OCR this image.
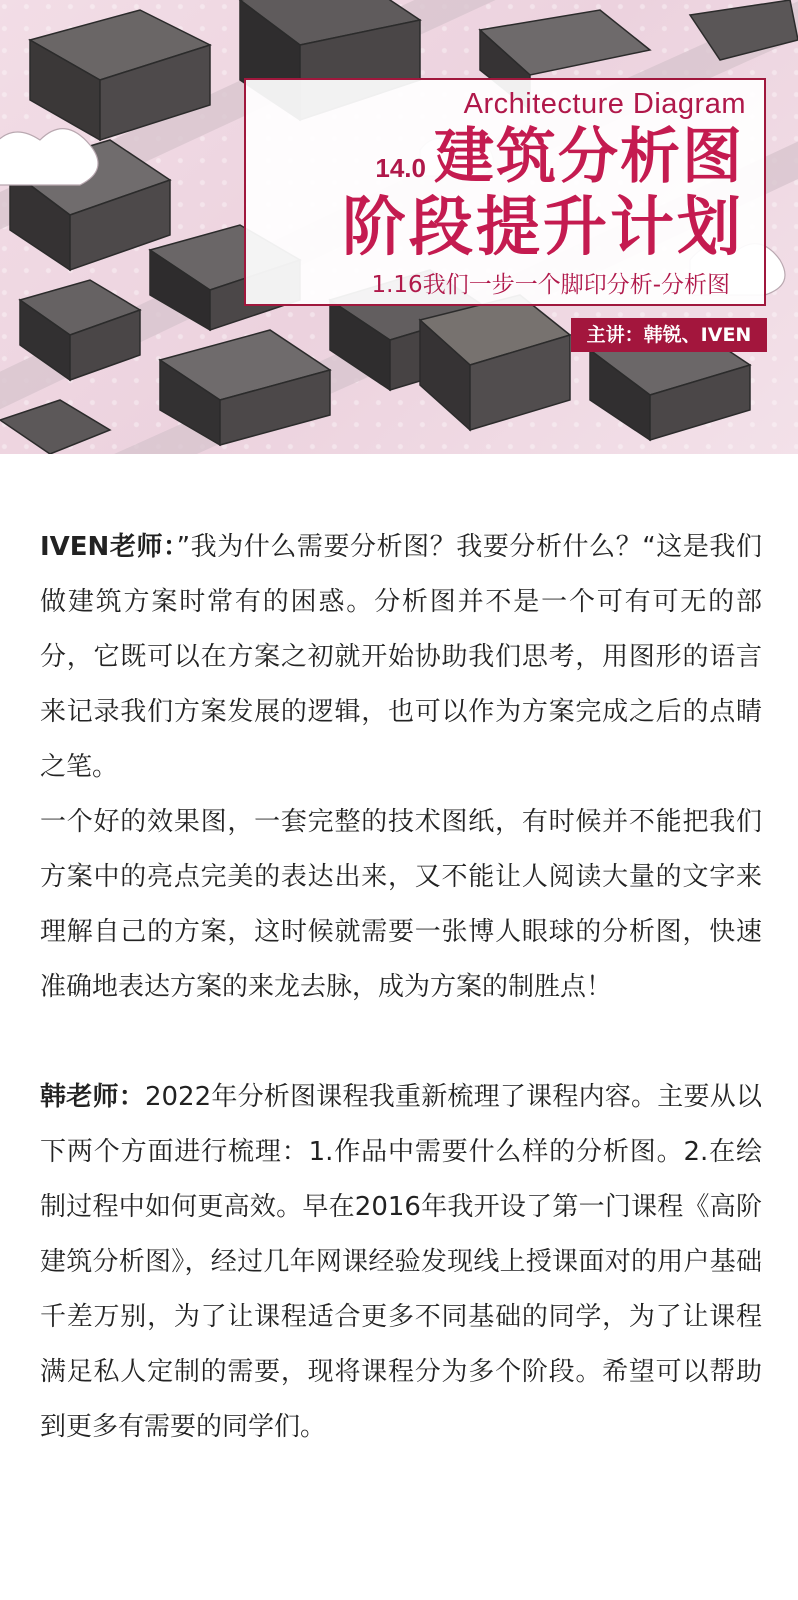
Architecture Diagram
14.0 建筑分析图
阶段提升计划
1.16我们一步一个脚印分析-分析图
主讲：韩锐、IVEN

IVEN老师：”我为什么需要分析图？我要分析什么？“这是我们做建筑方案时常有的困惑。分析图并不是一个可有可无的部分，它既可以在方案之初就开始协助我们思考，用图形的语言来记录我们方案发展的逻辑，也可以作为方案完成之后的点睛之笔。

一个好的效果图，一套完整的技术图纸，有时候并不能把我们方案中的亮点完美的表达出来，又不能让人阅读大量的文字来理解自己的方案，这时候就需要一张博人眼球的分析图，快速准确地表达方案的来龙去脉，成为方案的制胜点！

韩老师：2022年分析图课程我重新梳理了课程内容。主要从以下两个方面进行梳理：1.作品中需要什么样的分析图。2.在绘制过程中如何更高效。早在2016年我开设了第一门课程《高阶建筑分析图》，经过几年网课经验发现线上授课面对的用户基础千差万别，为了让课程适合更多不同基础的同学，为了让课程满足私人定制的需要，现将课程分为多个阶段。希望可以帮助到更多有需要的同学们。
